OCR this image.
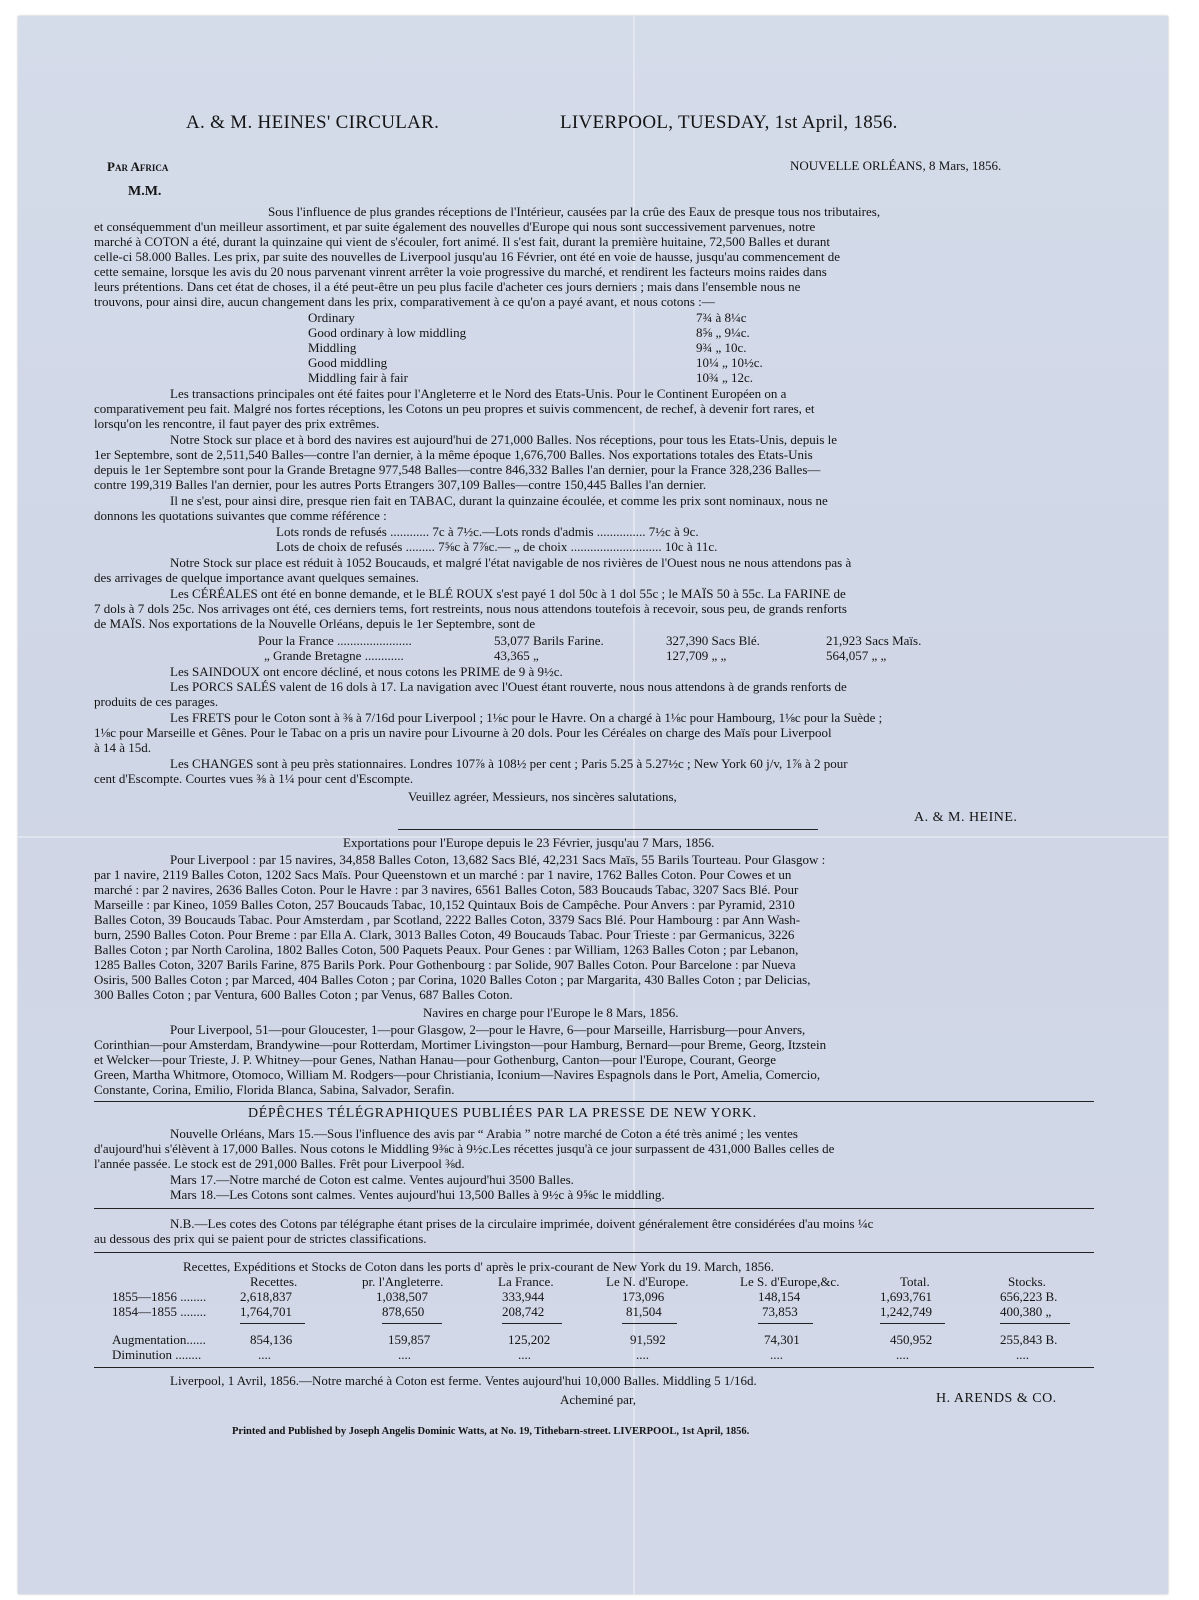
A. & M. HEINES' CIRCULAR.	LIVERPOOL, TUESDAY, 1st April, 1856.
Par Africa	NOUVELLE ORLÉANS, 8 Mars, 1856.
M.M.
Sous l'influence de plus grandes réceptions de l'Intérieur, causées par la crûe des Eaux de presque tous nos tributaires,
et conséquemment d'un meilleur assortiment, et par suite également des nouvelles d'Europe qui nous sont successivement parvenues, notre
marché à COTON a été, durant la quinzaine qui vient de s'écouler, fort animé. Il s'est fait, durant la première huitaine, 72,500 Balles et durant
celle-ci 58.000 Balles. Les prix, par suite des nouvelles de Liverpool jusqu'au 16 Février, ont été en voie de hausse, jusqu'au commencement de
cette semaine, lorsque les avis du 20 nous parvenant vinrent arrêter la voie progressive du marché, et rendirent les facteurs moins raides dans
leurs prétentions. Dans cet état de choses, il a été peut-être un peu plus facile d'acheter ces jours derniers ; mais dans l'ensemble nous ne
trouvons, pour ainsi dire, aucun changement dans les prix, comparativement à ce qu'on a payé avant, et nous cotons :—
Ordinary	7¾ à 8¼c
Good ordinary à low middling	8⅝ „ 9¼c.
Middling	9¾ „ 10c.
Good middling	10¼ „ 10½c.
Middling fair à fair	10¾ „ 12c.
Les transactions principales ont été faites pour l'Angleterre et le Nord des Etats-Unis. Pour le Continent Européen on a
comparativement peu fait. Malgré nos fortes réceptions, les Cotons un peu propres et suivis commencent, de rechef, à devenir fort rares, et
lorsqu'on les rencontre, il faut payer des prix extrêmes.
Notre Stock sur place et à bord des navires est aujourd'hui de 271,000 Balles. Nos réceptions, pour tous les Etats-Unis, depuis le
1er Septembre, sont de 2,511,540 Balles—contre l'an dernier, à la même époque 1,676,700 Balles. Nos exportations totales des Etats-Unis
depuis le 1er Septembre sont pour la Grande Bretagne 977,548 Balles—contre 846,332 Balles l'an dernier, pour la France 328,236 Balles—
contre 199,319 Balles l'an dernier, pour les autres Ports Etrangers 307,109 Balles—contre 150,445 Balles l'an dernier.
Il ne s'est, pour ainsi dire, presque rien fait en TABAC, durant la quinzaine écoulée, et comme les prix sont nominaux, nous ne
donnons les quotations suivantes que comme référence :
Lots ronds de refusés ............ 7c à 7½c.—Lots ronds d'admis ............... 7½c à 9c.
Lots de choix de refusés ......... 7⅝c à 7⅞c.— „ de choix ............................ 10c à 11c.
Notre Stock sur place est réduit à 1052 Boucauds, et malgré l'état navigable de nos rivières de l'Ouest nous ne nous attendons pas à
des arrivages de quelque importance avant quelques semaines.
Les CÉRÉALES ont été en bonne demande, et le BLÉ ROUX s'est payé 1 dol 50c à 1 dol 55c ; le MAÏS 50 à 55c. La FARINE de
7 dols à 7 dols 25c. Nos arrivages ont été, ces derniers tems, fort restreints, nous nous attendons toutefois à recevoir, sous peu, de grands renforts
de MAÏS. Nos exportations de la Nouvelle Orléans, depuis le 1er Septembre, sont de
Pour la France .......................	53,077 Barils Farine.	327,390 Sacs Blé.	21,923 Sacs Maïs.
„ Grande Bretagne ............	43,365 „	127,709 „ „	564,057 „ „
Les SAINDOUX ont encore décliné, et nous cotons les PRIME de 9 à 9½c.
Les PORCS SALÉS valent de 16 dols à 17. La navigation avec l'Ouest étant rouverte, nous nous attendons à de grands renforts de
produits de ces parages.
Les FRETS pour le Coton sont à ⅜ à 7/16d pour Liverpool ; 1⅛c pour le Havre. On a chargé à 1⅛c pour Hambourg, 1⅛c pour la Suède ;
1⅛c pour Marseille et Gênes. Pour le Tabac on a pris un navire pour Livourne à 20 dols. Pour les Céréales on charge des Maïs pour Liverpool
à 14 à 15d.
Les CHANGES sont à peu près stationnaires. Londres 107⅞ à 108½ per cent ; Paris 5.25 à 5.27½c ; New York 60 j/v, 1⅞ à 2 pour
cent d'Escompte. Courtes vues ⅜ à 1¼ pour cent d'Escompte.
Veuillez agréer, Messieurs, nos sincères salutations,
A. & M. HEINE.
Exportations pour l'Europe depuis le 23 Février, jusqu'au 7 Mars, 1856.
Pour Liverpool : par 15 navires, 34,858 Balles Coton, 13,682 Sacs Blé, 42,231 Sacs Maïs, 55 Barils Tourteau. Pour Glasgow :
par 1 navire, 2119 Balles Coton, 1202 Sacs Maïs. Pour Queenstown et un marché : par 1 navire, 1762 Balles Coton. Pour Cowes et un
marché : par 2 navires, 2636 Balles Coton. Pour le Havre : par 3 navires, 6561 Balles Coton, 583 Boucauds Tabac, 3207 Sacs Blé. Pour
Marseille : par Kineo, 1059 Balles Coton, 257 Boucauds Tabac, 10,152 Quintaux Bois de Campêche. Pour Anvers : par Pyramid, 2310
Balles Coton, 39 Boucauds Tabac. Pour Amsterdam , par Scotland, 2222 Balles Coton, 3379 Sacs Blé. Pour Hambourg : par Ann Wash-
burn, 2590 Balles Coton. Pour Breme : par Ella A. Clark, 3013 Balles Coton, 49 Boucauds Tabac. Pour Trieste : par Germanicus, 3226
Balles Coton ; par North Carolina, 1802 Balles Coton, 500 Paquets Peaux. Pour Genes : par William, 1263 Balles Coton ; par Lebanon,
1285 Balles Coton, 3207 Barils Farine, 875 Barils Pork. Pour Gothenbourg : par Solide, 907 Balles Coton. Pour Barcelone : par Nueva
Osiris, 500 Balles Coton ; par Marced, 404 Balles Coton ; par Corina, 1020 Balles Coton ; par Margarita, 430 Balles Coton ; par Delicias,
300 Balles Coton ; par Ventura, 600 Balles Coton ; par Venus, 687 Balles Coton.
Navires en charge pour l'Europe le 8 Mars, 1856.
Pour Liverpool, 51—pour Gloucester, 1—pour Glasgow, 2—pour le Havre, 6—pour Marseille, Harrisburg—pour Anvers,
Corinthian—pour Amsterdam, Brandywine—pour Rotterdam, Mortimer Livingston—pour Hamburg, Bernard—pour Breme, Georg, Itzstein
et Welcker—pour Trieste, J. P. Whitney—pour Genes, Nathan Hanau—pour Gothenburg, Canton—pour l'Europe, Courant, George
Green, Martha Whitmore, Otomoco, William M. Rodgers—pour Christiania, Iconium—Navires Espagnols dans le Port, Amelia, Comercio,
Constante, Corina, Emilio, Florida Blanca, Sabina, Salvador, Serafin.
DÉPÊCHES TÉLÉGRAPHIQUES PUBLIÉES PAR LA PRESSE DE NEW YORK.
Nouvelle Orléans, Mars 15.—Sous l'influence des avis par “ Arabia ” notre marché de Coton a été très animé ; les ventes
d'aujourd'hui s'élèvent à 17,000 Balles. Nous cotons le Middling 9⅜c à 9½c.Les récettes jusqu'à ce jour surpassent de 431,000 Balles celles de
l'année passée. Le stock est de 291,000 Balles. Frêt pour Liverpool ⅜d.
Mars 17.—Notre marché de Coton est calme. Ventes aujourd'hui 3500 Balles.
Mars 18.—Les Cotons sont calmes. Ventes aujourd'hui 13,500 Balles à 9½c à 9⅝c le middling.
N.B.—Les cotes des Cotons par télégraphe étant prises de la circulaire imprimée, doivent généralement être considérées d'au moins ¼c
au dessous des prix qui se paient pour de strictes classifications.
Recettes, Expéditions et Stocks de Coton dans les ports d' après le prix-courant de New York du 19. March, 1856.
Recettes.	pr. l'Angleterre.	La France.	Le N. d'Europe.	Le S. d'Europe,&c.	Total.	Stocks.
1855—1856 ........	2,618,837	1,038,507	333,944	173,096	148,154	1,693,761	656,223 B.
1854—1855 ........	1,764,701	878,650	208,742	81,504	73,853	1,242,749	400,380 „
Augmentation......	854,136	159,857	125,202	91,592	74,301	450,952	255,843 B.
Diminution ........	....	....	....	....	....	....	....
Liverpool, 1 Avril, 1856.—Notre marché à Coton est ferme. Ventes aujourd'hui 10,000 Balles. Middling 5 1/16d.
Acheminé par,	H. ARENDS & CO.
Printed and Published by Joseph Angelis Dominic Watts, at No. 19, Tithebarn-street. LIVERPOOL, 1st April, 1856.
